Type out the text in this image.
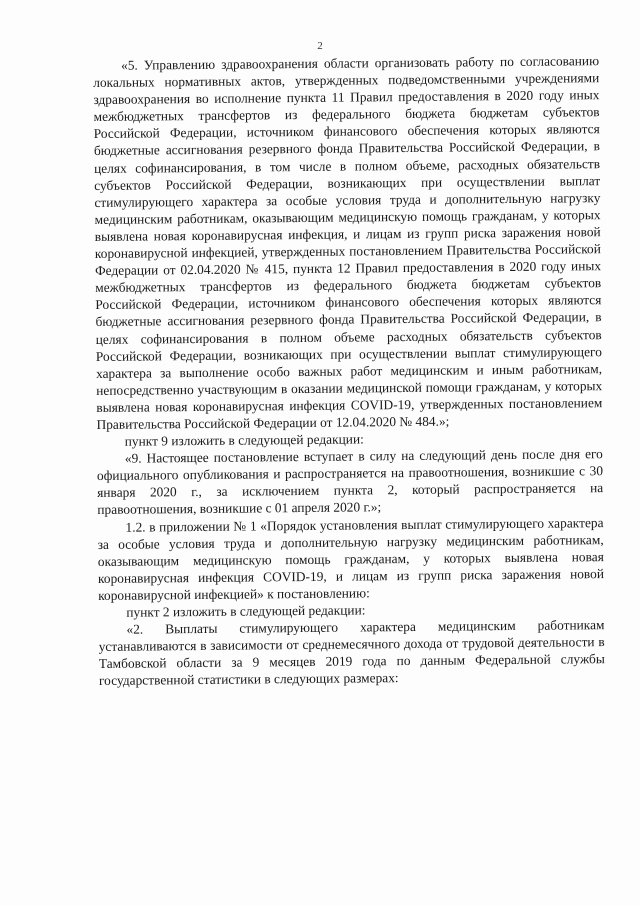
2

«5. Управлению здравоохранения области организовать работу по согласованию локальных нормативных актов, утвержденных подведомственными учреждениями здравоохранения во исполнение пункта 11 Правил предоставления в 2020 году иных межбюджетных трансфертов из федерального бюджета бюджетам субъектов Российской Федерации, источником финансового обеспечения которых являются бюджетные ассигнования резервного фонда Правительства Российской Федерации, в целях софинансирования, в том числе в полном объеме, расходных обязательств субъектов Российской Федерации, возникающих при осуществлении выплат стимулирующего характера за особые условия труда и дополнительную нагрузку медицинским работникам, оказывающим медицинскую помощь гражданам, у которых выявлена новая коронавирусная инфекция, и лицам из групп риска заражения новой коронавирусной инфекцией, утвержденных постановлением Правительства Российской Федерации от 02.04.2020 № 415, пункта 12 Правил предоставления в 2020 году иных межбюджетных трансфертов из федерального бюджета бюджетам субъектов Российской Федерации, источником финансового обеспечения которых являются бюджетные ассигнования резервного фонда Правительства Российской Федерации, в целях софинансирования в полном объеме расходных обязательств субъектов Российской Федерации, возникающих при осуществлении выплат стимулирующего характера за выполнение особо важных работ медицинским и иным работникам, непосредственно участвующим в оказании медицинской помощи гражданам, у которых выявлена новая коронавирусная инфекция COVID-19, утвержденных постановлением Правительства Российской Федерации от 12.04.2020 № 484.»;

пункт 9 изложить в следующей редакции:

«9. Настоящее постановление вступает в силу на следующий день после дня его официального опубликования и распространяется на правоотношения, возникшие с 30 января 2020 г., за исключением пункта 2, который распространяется на правоотношения, возникшие с 01 апреля 2020 г.»;

1.2. в приложении № 1 «Порядок установления выплат стимулирующего характера за особые условия труда и дополнительную нагрузку медицинским работникам, оказывающим медицинскую помощь гражданам, у которых выявлена новая коронавирусная инфекция COVID-19, и лицам из групп риска заражения новой коронавирусной инфекцией» к постановлению:

пункт 2 изложить в следующей редакции:

«2. Выплаты стимулирующего характера медицинским работникам устанавливаются в зависимости от среднемесячного дохода от трудовой деятельности в Тамбовской области за 9 месяцев 2019 года по данным Федеральной службы государственной статистики в следующих размерах:
